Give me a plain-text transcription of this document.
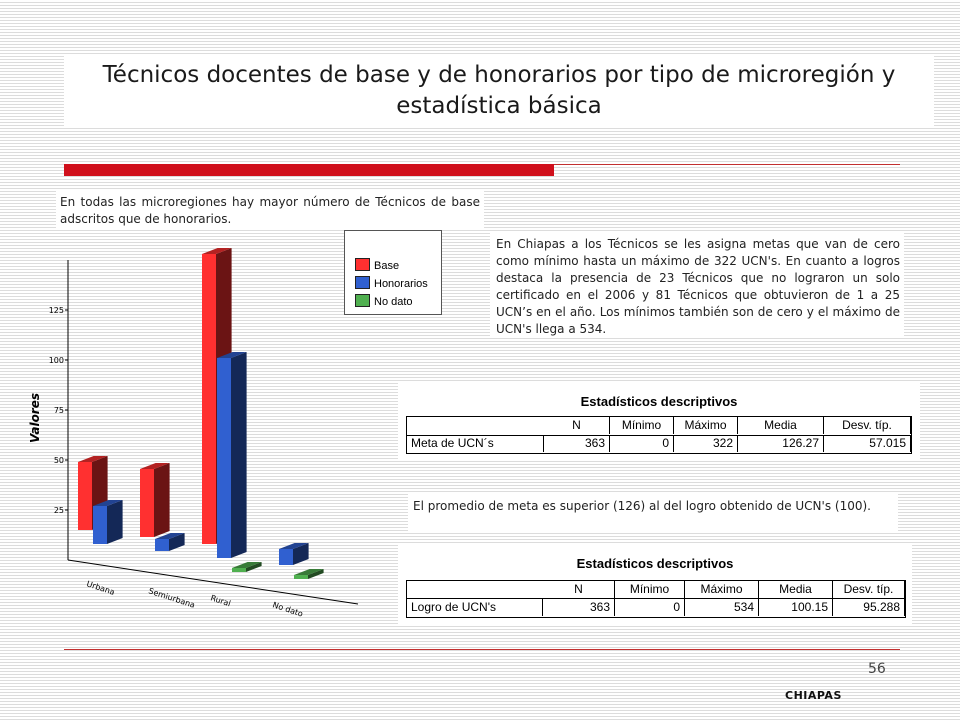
Técnicos docentes de base y de honorarios por tipo de microregión y estadística básica
En todas las microregiones hay mayor número de Técnicos de base adscritos que de honorarios.
En Chiapas a los Técnicos se les asigna metas que van de cero como mínimo hasta un máximo de 322 UCN's. En cuanto a logros destaca la presencia de 23 Técnicos que no lograron un solo certificado en el 2006 y 81 Técnicos que obtuvieron de 1 a 25 UCN’s en el año. Los mínimos también son de cero y el máximo de UCN's llega a 534.
El promedio de meta es superior (126) al del logro obtenido de UCN's (100).
Estadísticos descriptivos
N	Mínimo	Máximo	Media	Desv. típ.
Meta de UCN´s	363	0	322	126.27	57.015
Estadísticos descriptivos
N	Mínimo	Máximo	Media	Desv. típ.
Logro de UCN's	363	0	534	100.15	95.288
25
50
75
100
125
Urbana	Semiurbana Rural	No dato
Valores
Base
Honorarios
No dato
56
CHIAPAS
